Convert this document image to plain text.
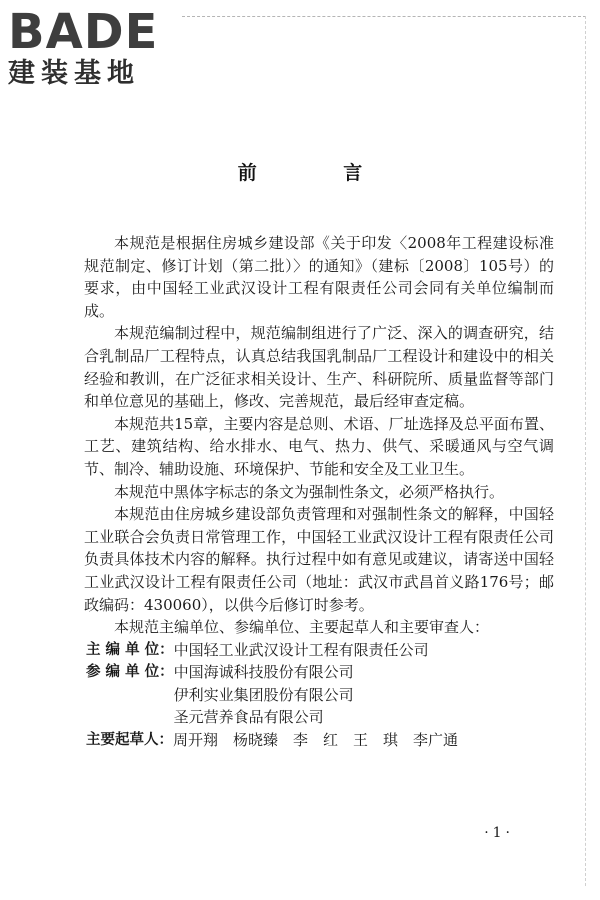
BADE
建装基地
前 言

本规范是根据住房城乡建设部《关于印发〈2008年工程建设标准规范制定、修订计划（第二批）〉的通知》（建标〔2008〕105号）的要求，由中国轻工业武汉设计工程有限责任公司会同有关单位编制而成。

本规范编制过程中，规范编制组进行了广泛、深入的调查研究，结合乳制品厂工程特点，认真总结我国乳制品厂工程设计和建设中的相关经验和教训，在广泛征求相关设计、生产、科研院所、质量监督等部门和单位意见的基础上，修改、完善规范，最后经审查定稿。

本规范共15章，主要内容是总则、术语、厂址选择及总平面布置、工艺、建筑结构、给水排水、电气、热力、供气、采暖通风与空气调节、制冷、辅助设施、环境保护、节能和安全及工业卫生。

本规范中黑体字标志的条文为强制性条文，必须严格执行。

本规范由住房城乡建设部负责管理和对强制性条文的解释，中国轻工业联合会负责日常管理工作，中国轻工业武汉设计工程有限责任公司负责具体技术内容的解释。执行过程中如有意见或建议，请寄送中国轻工业武汉设计工程有限责任公司（地址：武汉市武昌首义路176号；邮政编码：430060），以供今后修订时参考。

本规范主编单位、参编单位、主要起草人和主要审查人：

主 编 单 位： 中国轻工业武汉设计工程有限责任公司
参 编 单 位： 中国海诚科技股份有限公司
伊利实业集团股份有限公司
圣元营养食品有限公司
主要起草人： 周开翔　杨晓臻　李　红　王　琪　李广通
·1·
